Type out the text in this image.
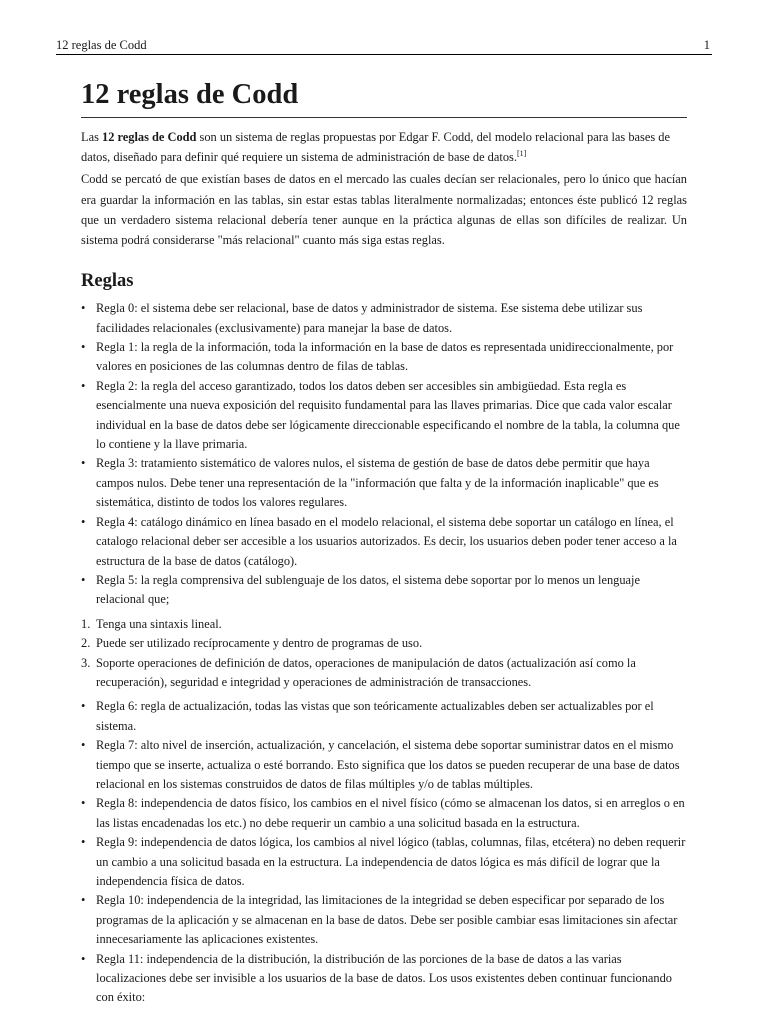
12 reglas de Codd	1
12 reglas de Codd

Las 12 reglas de Codd son un sistema de reglas propuestas por Edgar F. Codd, del modelo relacional para las bases de datos, diseñado para definir qué requiere un sistema de administración de base de datos.[1]

Codd se percató de que existían bases de datos en el mercado las cuales decían ser relacionales, pero lo único que hacían era guardar la información en las tablas, sin estar estas tablas literalmente normalizadas; entonces éste publicó 12 reglas que un verdadero sistema relacional debería tener aunque en la práctica algunas de ellas son difíciles de realizar. Un sistema podrá considerarse "más relacional" cuanto más siga estas reglas.

Reglas
• Regla 0: el sistema debe ser relacional, base de datos y administrador de sistema. Ese sistema debe utilizar sus facilidades relacionales (exclusivamente) para manejar la base de datos.
• Regla 1: la regla de la información, toda la información en la base de datos es representada unidireccionalmente, por valores en posiciones de las columnas dentro de filas de tablas.
• Regla 2: la regla del acceso garantizado, todos los datos deben ser accesibles sin ambigüedad. Esta regla es esencialmente una nueva exposición del requisito fundamental para las llaves primarias. Dice que cada valor escalar individual en la base de datos debe ser lógicamente direccionable especificando el nombre de la tabla, la columna que lo contiene y la llave primaria.
• Regla 3: tratamiento sistemático de valores nulos, el sistema de gestión de base de datos debe permitir que haya campos nulos. Debe tener una representación de la "información que falta y de la información inaplicable" que es sistemática, distinto de todos los valores regulares.
• Regla 4: catálogo dinámico en línea basado en el modelo relacional, el sistema debe soportar un catálogo en línea, el catalogo relacional deber ser accesible a los usuarios autorizados. Es decir, los usuarios deben poder tener acceso a la estructura de la base de datos (catálogo).
• Regla 5: la regla comprensiva del sublenguaje de los datos, el sistema debe soportar por lo menos un lenguaje relacional que;
1. Tenga una sintaxis lineal.
2. Puede ser utilizado recíprocamente y dentro de programas de uso.
3. Soporte operaciones de definición de datos, operaciones de manipulación de datos (actualización así como la recuperación), seguridad e integridad y operaciones de administración de transacciones.
• Regla 6: regla de actualización, todas las vistas que son teóricamente actualizables deben ser actualizables por el sistema.
• Regla 7: alto nivel de inserción, actualización, y cancelación, el sistema debe soportar suministrar datos en el mismo tiempo que se inserte, actualiza o esté borrando. Esto significa que los datos se pueden recuperar de una base de datos relacional en los sistemas construidos de datos de filas múltiples y/o de tablas múltiples.
• Regla 8: independencia de datos físico, los cambios en el nivel físico (cómo se almacenan los datos, si en arreglos o en las listas encadenadas los etc.) no debe requerir un cambio a una solicitud basada en la estructura.
• Regla 9: independencia de datos lógica, los cambios al nivel lógico (tablas, columnas, filas, etcétera) no deben requerir un cambio a una solicitud basada en la estructura. La independencia de datos lógica es más difícil de lograr que la independencia física de datos.
• Regla 10: independencia de la integridad, las limitaciones de la integridad se deben especificar por separado de los programas de la aplicación y se almacenan en la base de datos. Debe ser posible cambiar esas limitaciones sin afectar innecesariamente las aplicaciones existentes.
• Regla 11: independencia de la distribución, la distribución de las porciones de la base de datos a las varias localizaciones debe ser invisible a los usuarios de la base de datos. Los usos existentes deben continuar funcionando con éxito:
